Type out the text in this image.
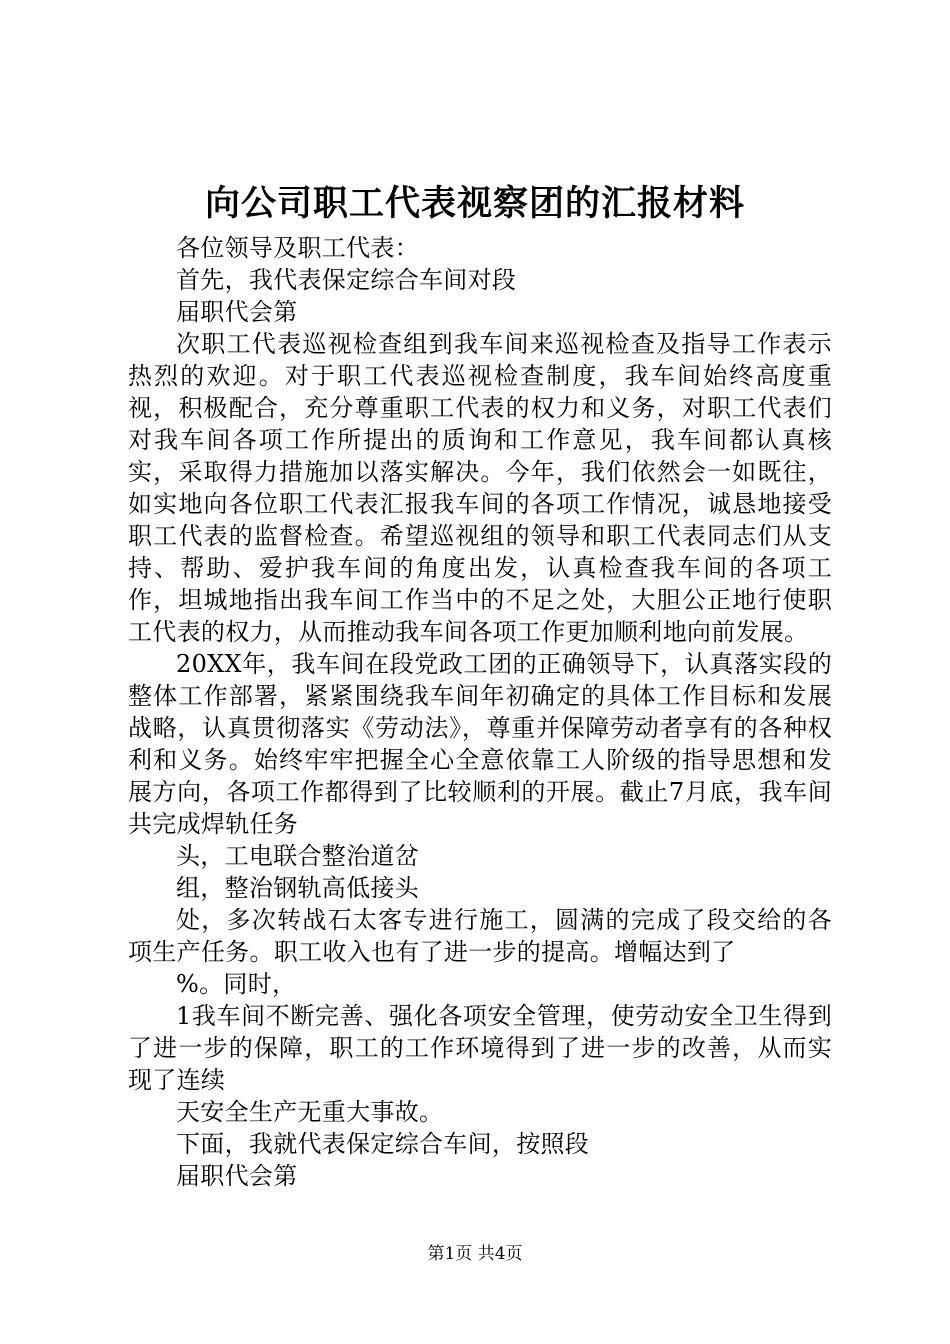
向公司职工代表视察团的汇报材料

各位领导及职工代表：

首先，我代表保定综合车间对段

届职代会第

次职工代表巡视检查组到我车间来巡视检查及指导工作表示热烈的欢迎。对于职工代表巡视检查制度，我车间始终高度重视，积极配合，充分尊重职工代表的权力和义务，对职工代表们对我车间各项工作所提出的质询和工作意见，我车间都认真核实，采取得力措施加以落实解决。今年，我们依然会一如既往，如实地向各位职工代表汇报我车间的各项工作情况，诚恳地接受职工代表的监督检查。希望巡视组的领导和职工代表同志们从支持、帮助、爱护我车间的角度出发，认真检查我车间的各项工作，坦城地指出我车间工作当中的不足之处，大胆公正地行使职工代表的权力，从而推动我车间各项工作更加顺利地向前发展。

20XX年，我车间在段党政工团的正确领导下，认真落实段的整体工作部署，紧紧围绕我车间年初确定的具体工作目标和发展战略，认真贯彻落实《劳动法》，尊重并保障劳动者享有的各种权利和义务。始终牢牢把握全心全意依靠工人阶级的指导思想和发展方向，各项工作都得到了比较顺利的开展。截止7月底，我车间共完成焊轨任务

头，工电联合整治道岔

组，整治钢轨高低接头

处，多次转战石太客专进行施工，圆满的完成了段交给的各项生产任务。职工收入也有了进一步的提高。增幅达到了

%。同时，

1我车间不断完善、强化各项安全管理，使劳动安全卫生得到了进一步的保障，职工的工作环境得到了进一步的改善，从而实现了连续

天安全生产无重大事故。

下面，我就代表保定综合车间，按照段

届职代会第

第1页 共4页
